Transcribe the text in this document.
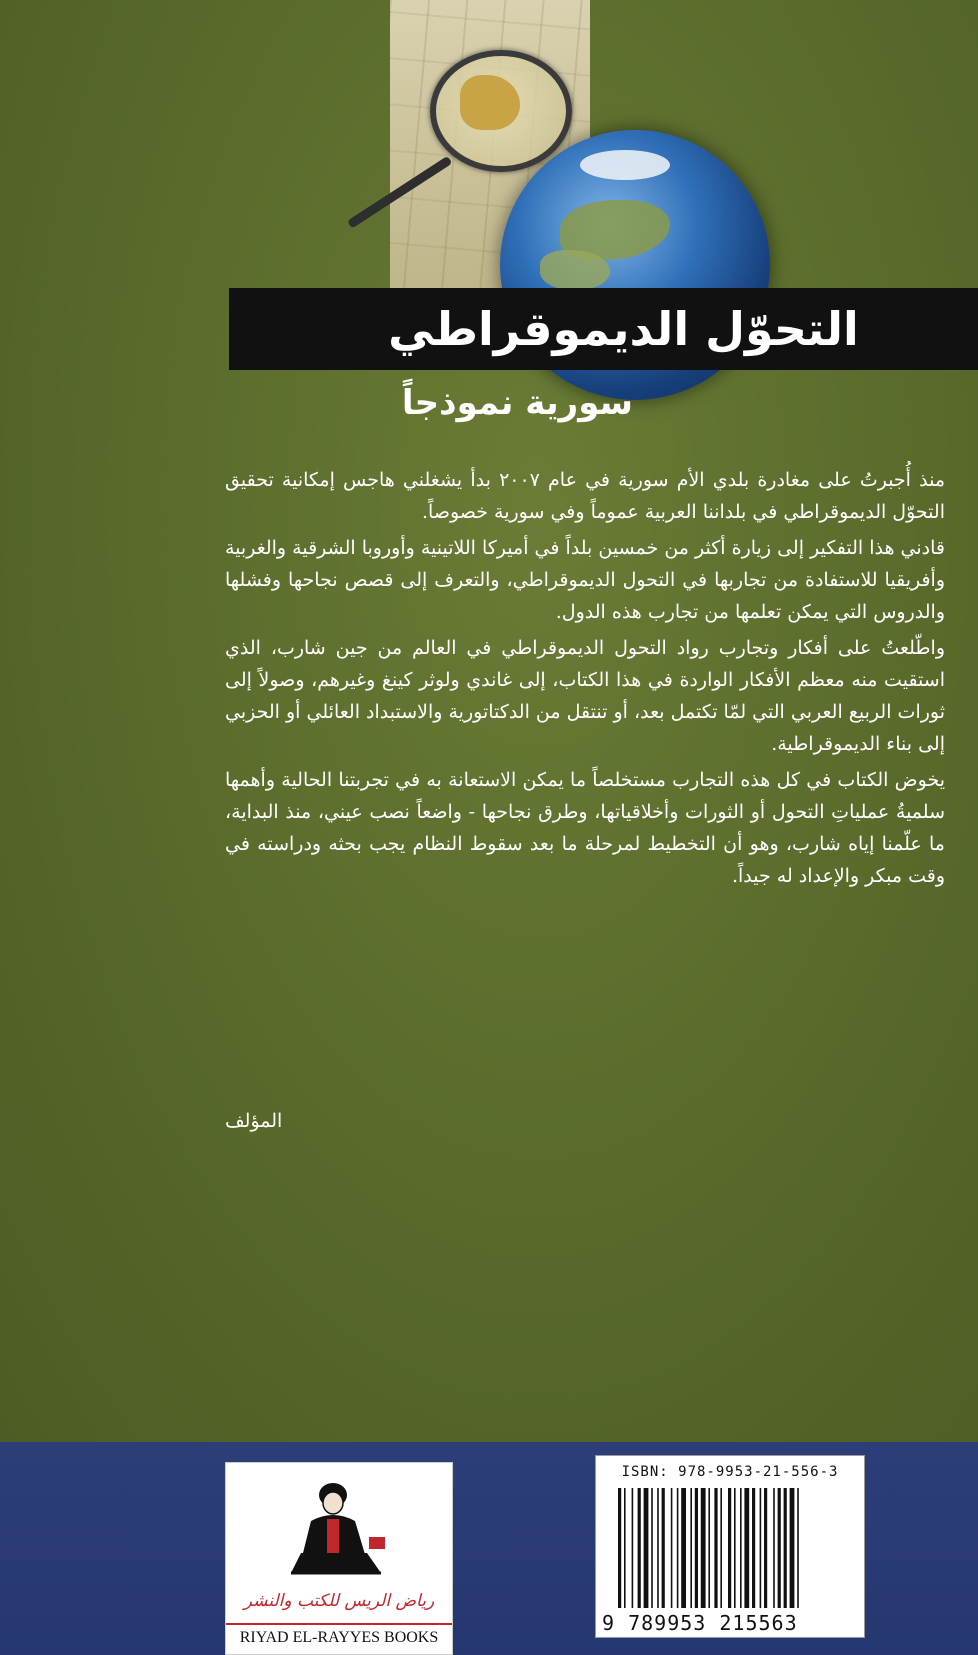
التحوّل الديموقراطي
سورية نموذجاً

منذ أُجبرتُ على مغادرة بلدي الأم سورية في عام ٢٠٠٧ بدأ يشغلني هاجس إمكانية تحقيق التحوّل الديموقراطي في بلداننا العربية عموماً وفي سورية خصوصاً.

قادني هذا التفكير إلى زيارة أكثر من خمسين بلداً في أميركا اللاتينية وأوروبا الشرقية والغربية وأفريقيا للاستفادة من تجاربها في التحول الديموقراطي، والتعرف إلى قصص نجاحها وفشلها والدروس التي يمكن تعلمها من تجارب هذه الدول.

واطّلعتُ على أفكار وتجارب رواد التحول الديموقراطي في العالم من جين شارب، الذي استقيت منه معظم الأفكار الواردة في هذا الكتاب، إلى غاندي ولوثر كينغ وغيرهم، وصولاً إلى ثورات الربيع العربي التي لمّا تكتمل بعد، أو تنتقل من الدكتاتورية والاستبداد العائلي أو الحزبي إلى بناء الديموقراطية.

يخوض الكتاب في كل هذه التجارب مستخلصاً ما يمكن الاستعانة به في تجربتنا الحالية وأهمها سلميةُ عملياتِ التحول أو الثورات وأخلاقياتها، وطرق نجاحها - واضعاً نصب عيني، منذ البداية، ما علّمنا إياه شارب، وهو أن التخطيط لمرحلة ما بعد سقوط النظام يجب بحثه ودراسته في وقت مبكر والإعداد له جيداً.

المؤلف
رياض الريس للكتب والنشر
RIYAD EL-RAYYES BOOKS
ISBN: 978-9953-21-556-3
9 789953 215563
